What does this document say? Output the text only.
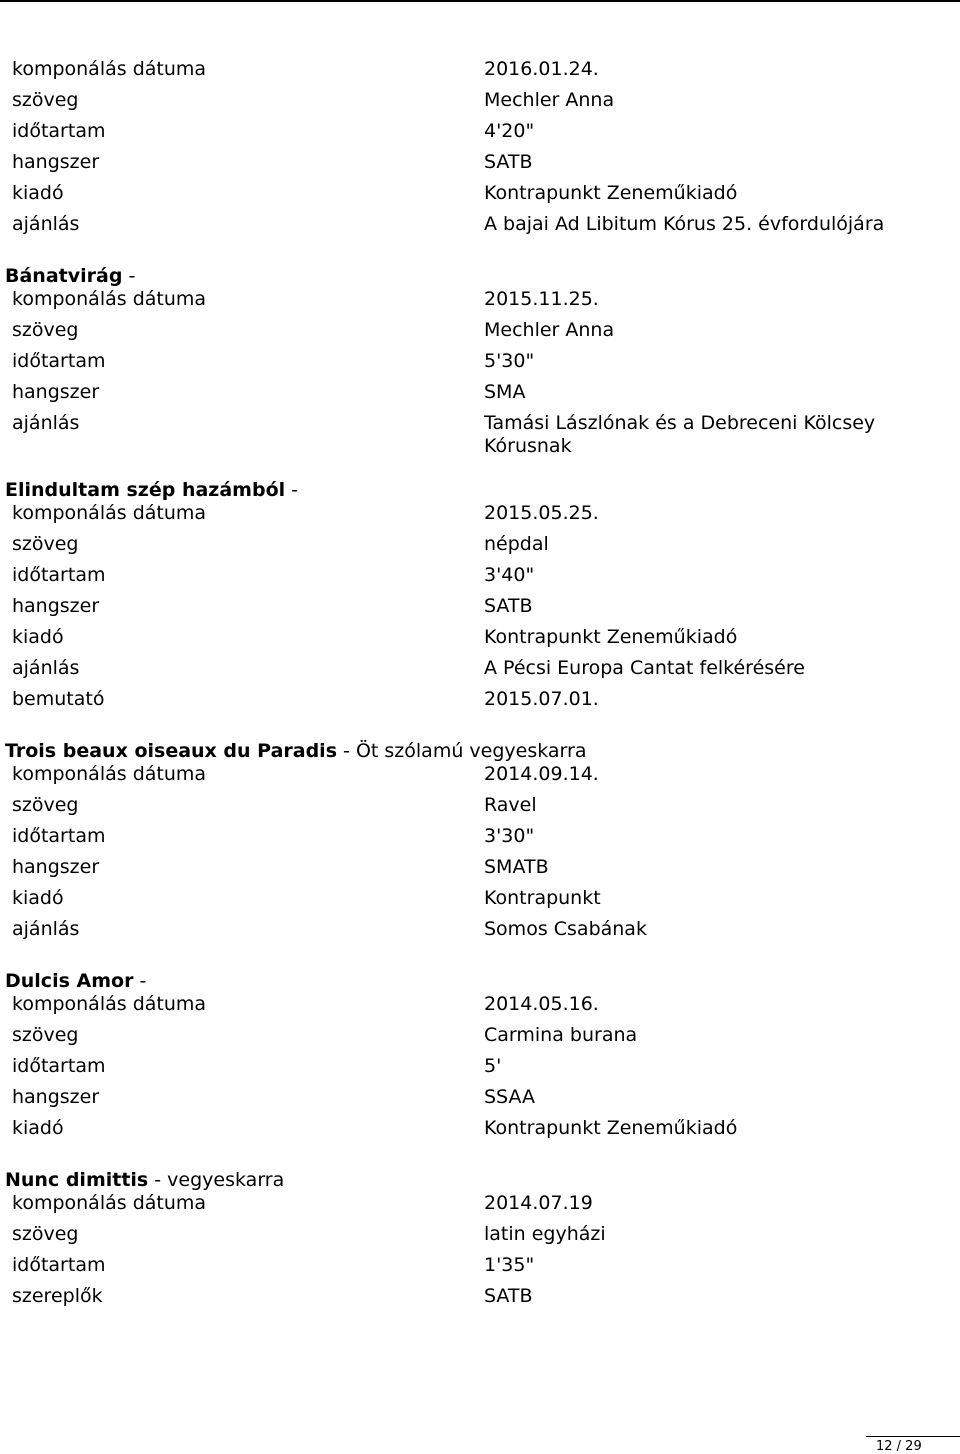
komponálás dátuma	2016.01.24.
szöveg	Mechler Anna
időtartam	4'20"
hangszer	SATB
kiadó	Kontrapunkt Zeneműkiadó
ajánlás	A bajai Ad Libitum Kórus 25. évfordulójára
Bánatvirág -
komponálás dátuma	2015.11.25.
szöveg	Mechler Anna
időtartam	5'30"
hangszer	SMA
ajánlás	Tamási Lászlónak és a Debreceni Kölcsey Kórusnak
Elindultam szép hazámból -
komponálás dátuma	2015.05.25.
szöveg	népdal
időtartam	3'40"
hangszer	SATB
kiadó	Kontrapunkt Zeneműkiadó
ajánlás	A Pécsi Europa Cantat felkérésére
bemutató	2015.07.01.
Trois beaux oiseaux du Paradis - Öt szólamú vegyeskarra
komponálás dátuma	2014.09.14.
szöveg	Ravel
időtartam	3'30"
hangszer	SMATB
kiadó	Kontrapunkt
ajánlás	Somos Csabának
Dulcis Amor -
komponálás dátuma	2014.05.16.
szöveg	Carmina burana
időtartam	5'
hangszer	SSAA
kiadó	Kontrapunkt Zeneműkiadó
Nunc dimittis - vegyeskarra
komponálás dátuma	2014.07.19
szöveg	latin egyházi
időtartam	1'35"
szereplők	SATB
12 / 29
